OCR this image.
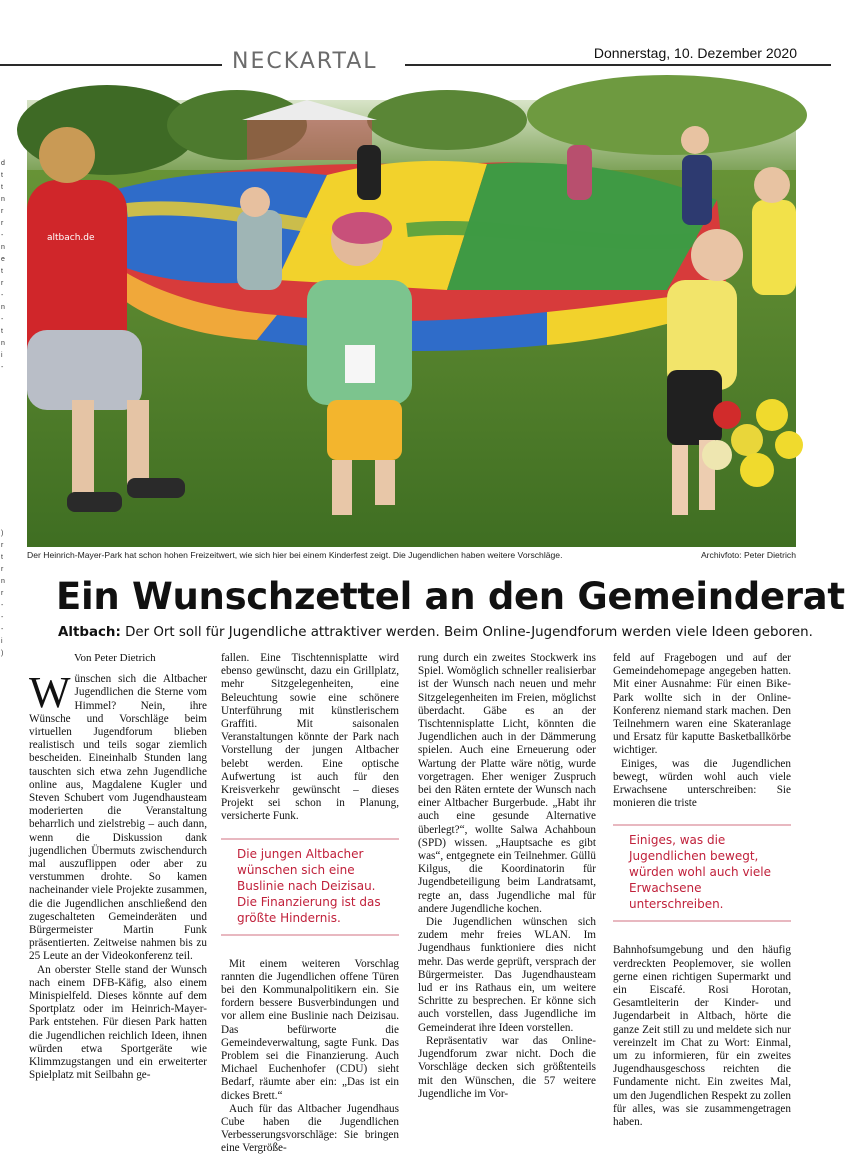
NECKARTAL	Donnerstag, 10. Dezember 2020
d
t
t
n
r
r
-
n
e
t
r
-
n
-
t
n
i
-
)
r
t
r
n
r
-
-
-
i
)
altbach.de
Der Heinrich-Mayer-Park hat schon hohen Freizeitwert, wie sich hier bei einem Kinderfest zeigt. Die Jugendlichen haben weitere Vorschläge.	Archivfoto: Peter Dietrich
Ein Wunschzettel an den Gemeinderat
Altbach: Der Ort soll für Jugendliche attraktiver werden. Beim Online-Jugendforum werden viele Ideen geboren.
Von Peter Dietrich

Wünschen sich die Altbacher Jugendlichen die Sterne vom Himmel? Nein, ihre Wünsche und Vorschläge beim virtuellen Jugendforum blieben realistisch und teils sogar ziemlich bescheiden. Eineinhalb Stunden lang tauschten sich etwa zehn Jugendliche online aus, Magdalene Kugler und Steven Schubert vom Jugendhausteam moderierten die Veranstaltung beharrlich und zielstrebig – auch dann, wenn die Diskussion dank jugendlichen Übermuts zwischendurch mal auszuflippen oder aber zu verstummen drohte. So kamen nacheinander viele Projekte zusammen, die die Jugendlichen anschließend den zugeschalteten Gemeinderäten und Bürgermeister Martin Funk präsentierten. Zeitweise nahmen bis zu 25 Leute an der Videokonferenz teil.

An oberster Stelle stand der Wunsch nach einem DFB-Käfig, also einem Minispielfeld. Dieses könnte auf dem Sportplatz oder im Heinrich-Mayer-Park entstehen. Für diesen Park hatten die Jugendlichen reichlich Ideen, ihnen würden etwa Sportgeräte wie Klimmzugstangen und ein erweiterter Spielplatz mit Seilbahn ge-

fallen. Eine Tischtennisplatte wird ebenso gewünscht, dazu ein Grillplatz, mehr Sitzgelegenheiten, eine Beleuchtung sowie eine schönere Unterführung mit künstlerischem Graffiti. Mit saisonalen Veranstaltungen könnte der Park nach Vorstellung der jungen Altbacher belebt werden. Eine optische Aufwertung ist auch für den Kreisverkehr gewünscht – dieses Projekt sei schon in Planung, versicherte Funk.

Die jungen Altbacher wünschen sich eine Buslinie nach Deizisau. Die Finanzierung ist das größte Hindernis.

Mit einem weiteren Vorschlag rannten die Jugendlichen offene Türen bei den Kommunalpolitikern ein. Sie fordern bessere Busverbindungen und vor allem eine Buslinie nach Deizisau. Das befürworte die Gemeindeverwaltung, sagte Funk. Das Problem sei die Finanzierung. Auch Michael Euchenhofer (CDU) sieht Bedarf, räumte aber ein: „Das ist ein dickes Brett.“

Auch für das Altbacher Jugendhaus Cube haben die Jugendlichen Verbesserungsvorschläge: Sie bringen eine Vergröße-

rung durch ein zweites Stockwerk ins Spiel. Womöglich schneller realisierbar ist der Wunsch nach neuen und mehr Sitzgelegenheiten im Freien, möglichst überdacht. Gäbe es an der Tischtennisplatte Licht, könnten die Jugendlichen auch in der Dämmerung spielen. Auch eine Erneuerung oder Wartung der Platte wäre nötig, wurde vorgetragen. Eher weniger Zuspruch bei den Räten erntete der Wunsch nach einer Altbacher Burgerbude. „Habt ihr auch eine gesunde Alternative überlegt?“, wollte Salwa Achahboun (SPD) wissen. „Hauptsache es gibt was“, entgegnete ein Teilnehmer. Güllü Kilgus, die Koordinatorin für Jugendbeteiligung beim Landratsamt, regte an, dass Jugendliche mal für andere Jugendliche kochen.

Die Jugendlichen wünschen sich zudem mehr freies WLAN. Im Jugendhaus funktioniere dies nicht mehr. Das werde geprüft, versprach der Bürgermeister. Das Jugendhausteam lud er ins Rathaus ein, um weitere Schritte zu besprechen. Er könne sich auch vorstellen, dass Jugendliche im Gemeinderat ihre Ideen vorstellen.

Repräsentativ war das Online-Jugendforum zwar nicht. Doch die Vorschläge decken sich größtenteils mit den Wünschen, die 57 weitere Jugendliche im Vor-

feld auf Fragebogen und auf der Gemeindehomepage angegeben hatten. Mit einer Ausnahme: Für einen Bike-Park wollte sich in der Online-Konferenz niemand stark machen. Den Teilnehmern waren eine Skateranlage und Ersatz für kaputte Basketballkörbe wichtiger.

Einiges, was die Jugendlichen bewegt, würden wohl auch viele Erwachsene unterschreiben: Sie monieren die triste

Einiges, was die Jugendlichen bewegt, würden wohl auch viele Erwachsene unterschreiben.

Bahnhofsumgebung und den häufig verdreckten Peoplemover, sie wollen gerne einen richtigen Supermarkt und ein Eiscafé. Rosi Horotan, Gesamtleiterin der Kinder- und Jugendarbeit in Altbach, hörte die ganze Zeit still zu und meldete sich nur vereinzelt im Chat zu Wort: Einmal, um zu informieren, für ein zweites Jugendhausgeschoss reichten die Fundamente nicht. Ein zweites Mal, um den Jugendlichen Respekt zu zollen für alles, was sie zusammengetragen haben.
